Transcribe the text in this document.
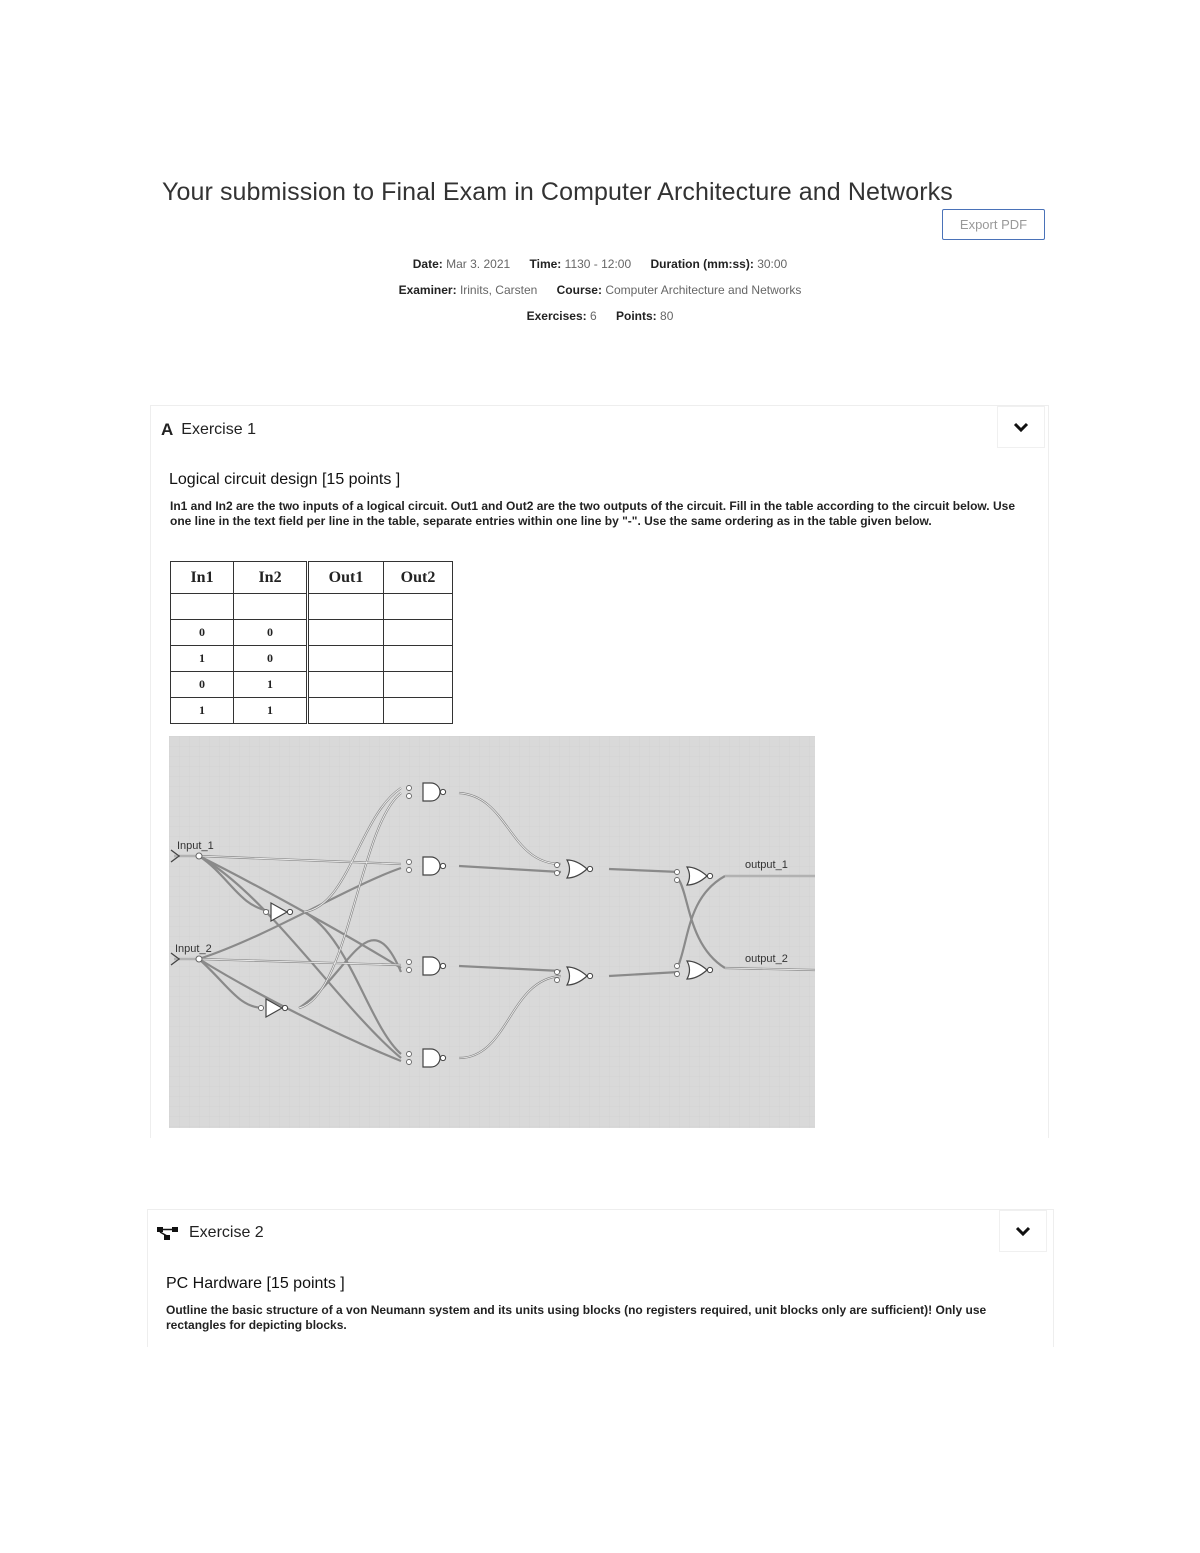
Your submission to Final Exam in Computer Architecture and Networks
Export PDF
Date: Mar 3. 2021 Time: 1130 - 12:00 Duration (mm:ss): 30:00
Examiner: Irinits, Carsten Course: Computer Architecture and Networks
Exercises: 6 Points: 80
A Exercise 1
Logical circuit design [15 points ]
In1 and In2 are the two inputs of a logical circuit. Out1 and Out2 are the two outputs of the circuit. Fill in the table according to the circuit below. Use one line in the text field per line in the table, separate entries within one line by "-". Use the same ordering as in the table given below.
In1	In2	Out1	Out2

0	0		
1	0		
0	1		
1	1		
Input_1
Input_2
output_1
output_2
Exercise 2
PC Hardware [15 points ]
Outline the basic structure of a von Neumann system and its units using blocks (no registers required, unit blocks only are sufficient)! Only use rectangles for depicting blocks.
